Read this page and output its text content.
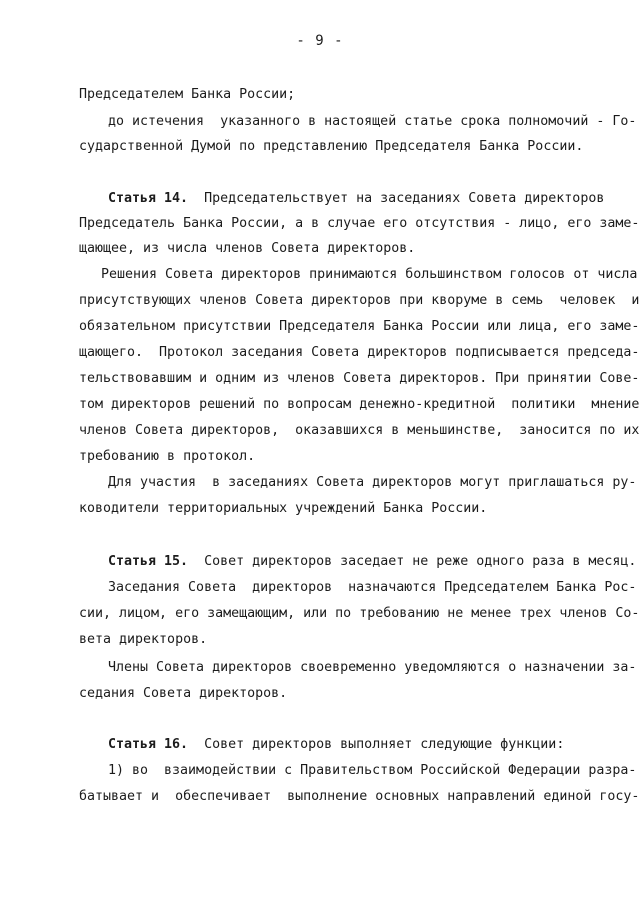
- 9 -
Председателем Банка России;
до истечения  указанного в настоящей статье срока полномочий - Го-
сударственной Думой по представлению Председателя Банка России.
Статья 14. Председательствует на заседаниях Совета директоров
Председатель Банка России, а в случае его отсутствия - лицо, его заме-
щающее, из числа членов Совета директоров.
Решения Совета директоров принимаются большинством голосов от числа
присутствующих членов Совета директоров при кворуме в семь  человек  и
обязательном присутствии Председателя Банка России или лица, его заме-
щающего.  Протокол заседания Совета директоров подписывается председа-
тельствовавшим и одним из членов Совета директоров. При принятии Сове-
том директоров решений по вопросам денежно-кредитной  политики  мнение
членов Совета директоров,  оказавшихся в меньшинстве,  заносится по их
требованию в протокол.
Для участия  в заседаниях Совета директоров могут приглашаться ру-
ководители территориальных учреждений Банка России.
Статья 15.  Совет директоров заседает не реже одного раза в месяц.
Заседания Совета  директоров  назначаются Председателем Банка Рос-
сии, лицом, его замещающим, или по требованию не менее трех членов Со-
вета директоров.
Члены Совета директоров своевременно уведомляются о назначении за-
седания Совета директоров.
Статья 16.  Совет директоров выполняет следующие функции:
1) во  взаимодействии с Правительством Российской Федерации разра-
батывает и  обеспечивает  выполнение основных направлений единой госу-
